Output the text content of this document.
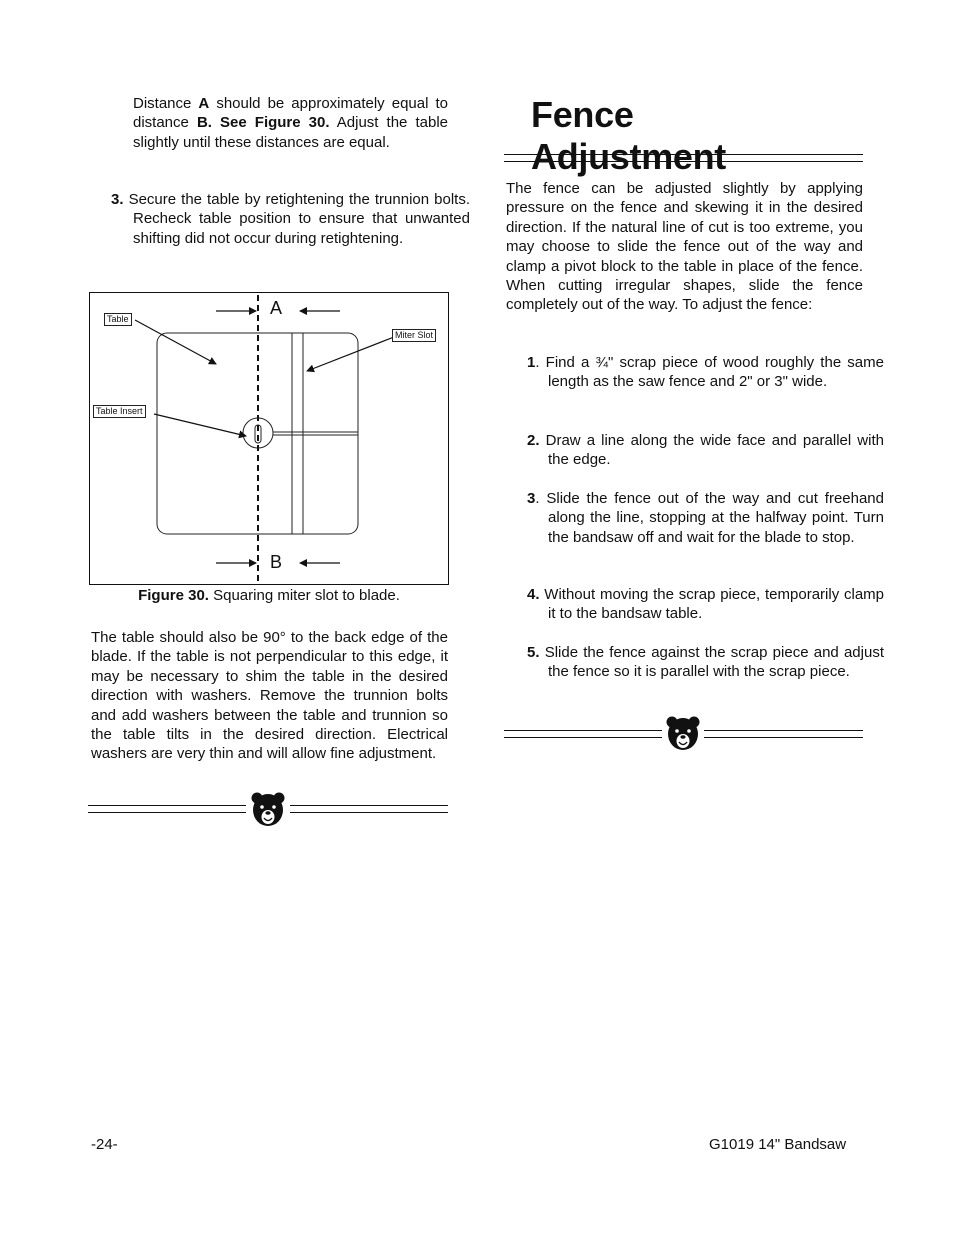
Distance A should be approximately equal to distance B. See Figure 30. Adjust the table slightly until these distances are equal.

3. Secure the table by retightening the trunnion bolts. Recheck table position to ensure that unwanted shifting did not occur during retightening.

A
B
Table
Miter Slot
Table Insert
Figure 30. Squaring miter slot to blade.

The table should also be 90° to the back edge of the blade. If the table is not perpendicular to this edge, it may be necessary to shim the table in the desired direction with washers. Remove the trunnion bolts and add washers between the table and trunnion so the table tilts in the desired direction. Electrical washers are very thin and will allow fine adjustment.

Fence Adjustment

The fence can be adjusted slightly by applying pressure on the fence and skewing it in the desired direction. If the natural line of cut is too extreme, you may choose to slide the fence out of the way and clamp a pivot block to the table in place of the fence. When cutting irregular shapes, slide the fence completely out of the way. To adjust the fence:

1. Find a ¾" scrap piece of wood roughly the same length as the saw fence and 2" or 3" wide.

2. Draw a line along the wide face and parallel with the edge.

3. Slide the fence out of the way and cut freehand along the line, stopping at the halfway point. Turn the bandsaw off and wait for the blade to stop.

4. Without moving the scrap piece, temporarily clamp it to the bandsaw table.

5. Slide the fence against the scrap piece and adjust the fence so it is parallel with the scrap piece.

-24-	G1019 14" Bandsaw
